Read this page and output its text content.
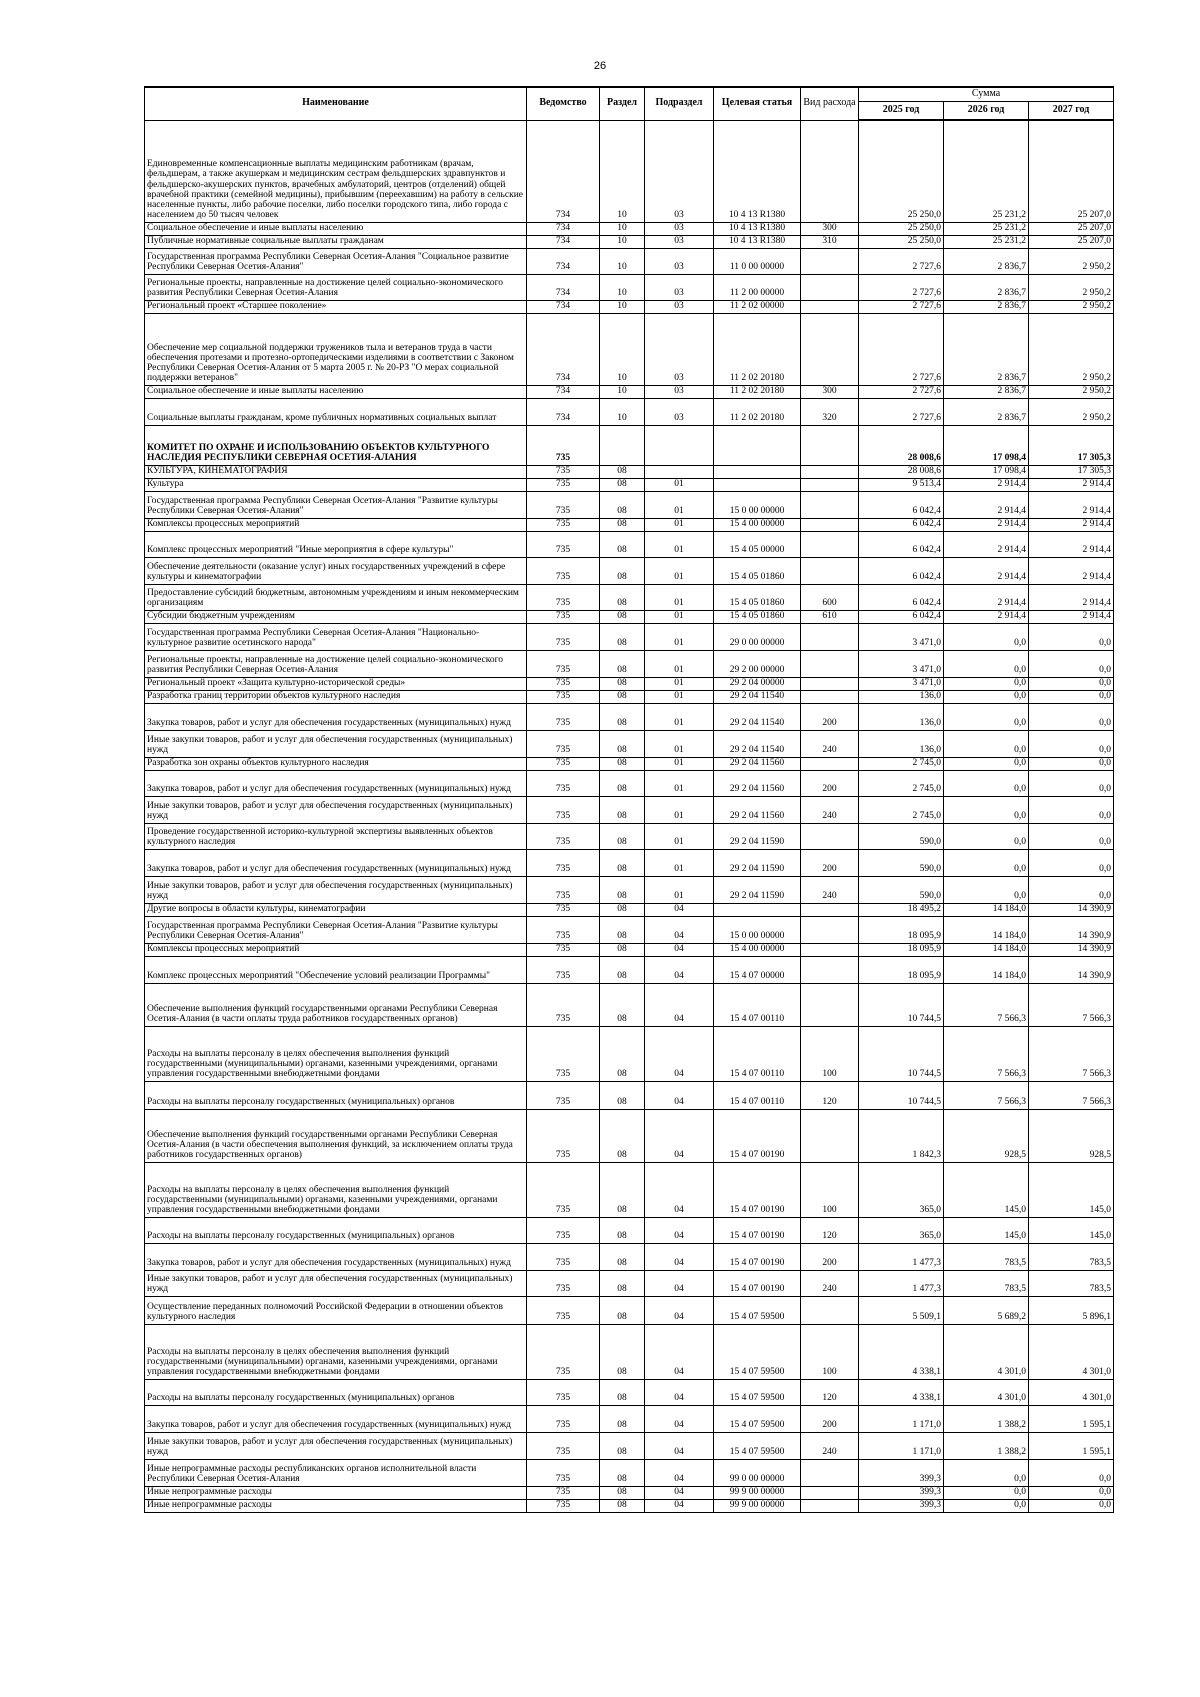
26
Наименование	Ведомство	Раздел	Подраздел	Целевая статья	Вид расхода	Сумма		
						2025 год	2026 год	2027 год
Единовременные компенсационные выплаты медицинским работникам (врачам, фельдшерам, а также акушеркам и медицинским сестрам фельдшерских здравпунктов и фельдшерско-акушерских пунктов, врачебных амбулаторий, центров (отделений) общей врачебной практики (семейной медицины), прибывшим (переехавшим) на работу в сельские населенные пункты, либо рабочие поселки, либо поселки городского типа, либо города с населением до 50 тысяч человек	734	10	03	10 4 13 R1380		25 250,0	25 231,2	25 207,0
Социальное обеспечение и иные выплаты населению	734	10	03	10 4 13 R1380	300	25 250,0	25 231,2	25 207,0
Публичные нормативные социальные выплаты гражданам	734	10	03	10 4 13 R1380	310	25 250,0	25 231,2	25 207,0
Государственная программа Республики Северная Осетия-Алания "Социальное развитие Республики Северная Осетия-Алания"	734	10	03	11 0 00 00000		2 727,6	2 836,7	2 950,2
Региональные проекты, направленные на достижение целей социально-экономического развития Республики Северная Осетия-Алания	734	10	03	11 2 00 00000		2 727,6	2 836,7	2 950,2
Региональный проект «Старшее поколение»	734	10	03	11 2 02 00000		2 727,6	2 836,7	2 950,2
Обеспечение мер социальной поддержки тружеников тыла и ветеранов труда в части обеспечения протезами и протезно-ортопедическими изделиями в соответствии с Законом Республики Северная Осетия-Алания от 5 марта 2005 г. № 20-РЗ "О мерах социальной поддержки ветеранов"	734	10	03	11 2 02 20180		2 727,6	2 836,7	2 950,2
Социальное обеспечение и иные выплаты населению	734	10	03	11 2 02 20180	300	2 727,6	2 836,7	2 950,2
Социальные выплаты гражданам, кроме публичных нормативных социальных выплат	734	10	03	11 2 02 20180	320	2 727,6	2 836,7	2 950,2
КОМИТЕТ ПО ОХРАНЕ И ИСПОЛЬЗОВАНИЮ ОБЪЕКТОВ КУЛЬТУРНОГО НАСЛЕДИЯ РЕСПУБЛИКИ СЕВЕРНАЯ ОСЕТИЯ-АЛАНИЯ	735					28 008,6	17 098,4	17 305,3
КУЛЬТУРА, КИНЕМАТОГРАФИЯ	735	08				28 008,6	17 098,4	17 305,3
Культура	735	08	01			9 513,4	2 914,4	2 914,4
Государственная программа Республики Северная Осетия-Алания "Развитие культуры Республики Северная Осетия-Алания"	735	08	01	15 0 00 00000		6 042,4	2 914,4	2 914,4
Комплексы процессных мероприятий	735	08	01	15 4 00 00000		6 042,4	2 914,4	2 914,4
Комплекс процессных мероприятий "Иные мероприятия в сфере культуры"	735	08	01	15 4 05 00000		6 042,4	2 914,4	2 914,4
Обеспечение деятельности (оказание услуг) иных государственных учреждений в сфере культуры и кинематографии	735	08	01	15 4 05 01860		6 042,4	2 914,4	2 914,4
Предоставление субсидий бюджетным, автономным учреждениям и иным некоммерческим организациям	735	08	01	15 4 05 01860	600	6 042,4	2 914,4	2 914,4
Субсидии бюджетным учреждениям	735	08	01	15 4 05 01860	610	6 042,4	2 914,4	2 914,4
Государственная программа Республики Северная Осетия-Алания "Национально-культурное развитие осетинского народа"	735	08	01	29 0 00 00000		3 471,0	0,0	0,0
Региональные проекты, направленные на достижение целей социально-экономического развития Республики Северная Осетия-Алания	735	08	01	29 2 00 00000		3 471,0	0,0	0,0
Региональный проект «Защита культурно-исторической среды»	735	08	01	29 2 04 00000		3 471,0	0,0	0,0
Разработка границ территории объектов культурного наследия	735	08	01	29 2 04 11540		136,0	0,0	0,0
Закупка товаров, работ и услуг для обеспечения государственных (муниципальных) нужд	735	08	01	29 2 04 11540	200	136,0	0,0	0,0
Иные закупки товаров, работ и услуг для обеспечения государственных (муниципальных) нужд	735	08	01	29 2 04 11540	240	136,0	0,0	0,0
Разработка зон охраны объектов культурного наследия	735	08	01	29 2 04 11560		2 745,0	0,0	0,0
Закупка товаров, работ и услуг для обеспечения государственных (муниципальных) нужд	735	08	01	29 2 04 11560	200	2 745,0	0,0	0,0
Иные закупки товаров, работ и услуг для обеспечения государственных (муниципальных) нужд	735	08	01	29 2 04 11560	240	2 745,0	0,0	0,0
Проведение государственной историко-культурной экспертизы выявленных объектов культурного наследия	735	08	01	29 2 04 11590		590,0	0,0	0,0
Закупка товаров, работ и услуг для обеспечения государственных (муниципальных) нужд	735	08	01	29 2 04 11590	200	590,0	0,0	0,0
Иные закупки товаров, работ и услуг для обеспечения государственных (муниципальных) нужд	735	08	01	29 2 04 11590	240	590,0	0,0	0,0
Другие вопросы в области культуры, кинематографии	735	08	04			18 495,2	14 184,0	14 390,9
Государственная программа Республики Северная Осетия-Алания "Развитие культуры Республики Северная Осетия-Алания"	735	08	04	15 0 00 00000		18 095,9	14 184,0	14 390,9
Комплексы процессных мероприятий	735	08	04	15 4 00 00000		18 095,9	14 184,0	14 390,9
Комплекс процессных мероприятий "Обеспечение условий реализации Программы"	735	08	04	15 4 07 00000		18 095,9	14 184,0	14 390,9
Обеспечение выполнения функций государственными органами Республики Северная Осетия-Алания (в части оплаты труда работников государственных органов)	735	08	04	15 4 07 00110		10 744,5	7 566,3	7 566,3
Расходы на выплаты персоналу в целях обеспечения выполнения функций государственными (муниципальными) органами, казенными учреждениями, органами управления государственными внебюджетными фондами	735	08	04	15 4 07 00110	100	10 744,5	7 566,3	7 566,3
Расходы на выплаты персоналу государственных (муниципальных) органов	735	08	04	15 4 07 00110	120	10 744,5	7 566,3	7 566,3
Обеспечение выполнения функций государственными органами Республики Северная Осетия-Алания (в части обеспечения выполнения функций, за исключением оплаты труда работников государственных органов)	735	08	04	15 4 07 00190		1 842,3	928,5	928,5
Расходы на выплаты персоналу в целях обеспечения выполнения функций государственными (муниципальными) органами, казенными учреждениями, органами управления государственными внебюджетными фондами	735	08	04	15 4 07 00190	100	365,0	145,0	145,0
Расходы на выплаты персоналу государственных (муниципальных) органов	735	08	04	15 4 07 00190	120	365,0	145,0	145,0
Закупка товаров, работ и услуг для обеспечения государственных (муниципальных) нужд	735	08	04	15 4 07 00190	200	1 477,3	783,5	783,5
Иные закупки товаров, работ и услуг для обеспечения государственных (муниципальных) нужд	735	08	04	15 4 07 00190	240	1 477,3	783,5	783,5
Осуществление переданных полномочий Российской Федерации в отношении объектов культурного наследия	735	08	04	15 4 07 59500		5 509,1	5 689,2	5 896,1
Расходы на выплаты персоналу в целях обеспечения выполнения функций государственными (муниципальными) органами, казенными учреждениями, органами управления государственными внебюджетными фондами	735	08	04	15 4 07 59500	100	4 338,1	4 301,0	4 301,0
Расходы на выплаты персоналу государственных (муниципальных) органов	735	08	04	15 4 07 59500	120	4 338,1	4 301,0	4 301,0
Закупка товаров, работ и услуг для обеспечения государственных (муниципальных) нужд	735	08	04	15 4 07 59500	200	1 171,0	1 388,2	1 595,1
Иные закупки товаров, работ и услуг для обеспечения государственных (муниципальных) нужд	735	08	04	15 4 07 59500	240	1 171,0	1 388,2	1 595,1
Иные непрограммные расходы республиканских органов исполнительной власти Республики Северная Осетия-Алания	735	08	04	99 0 00 00000		399,3	0,0	0,0
Иные непрограммные расходы	735	08	04	99 9 00 00000		399,3	0,0	0,0
Иные непрограммные расходы	735	08	04	99 9 00 00000		399,3	0,0	0,0
